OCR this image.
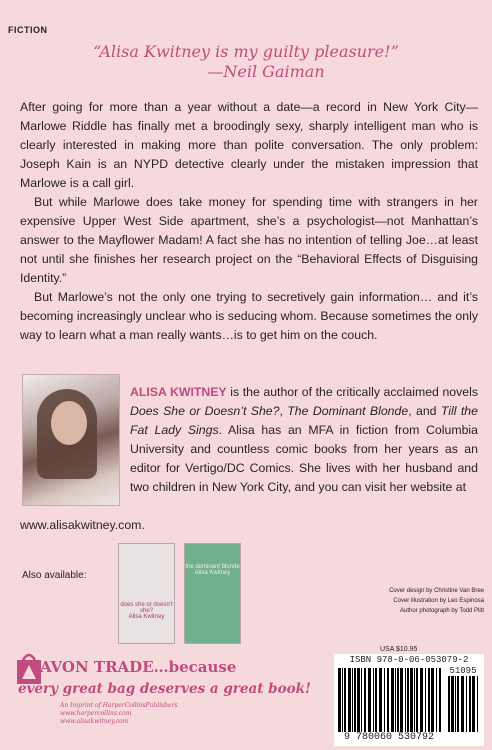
FICTION
“Alisa Kwitney is my guilty pleasure!”
—Neil Gaiman

After going for more than a year without a date—a record in New York City—Marlowe Riddle has finally met a broodingly sexy, sharply intelligent man who is clearly interested in making more than polite conversation. The only problem: Joseph Kain is an NYPD detective clearly under the mistaken impression that Marlowe is a call girl.

But while Marlowe does take money for spending time with strangers in her expensive Upper West Side apartment, she’s a psychologist—not Manhattan’s answer to the Mayflower Madam! A fact she has no intention of telling Joe…at least not until she finishes her research project on the “Behavioral Effects of Disguising Identity.”

But Marlowe’s not the only one trying to secretively gain information… and it’s becoming increasingly unclear who is seducing whom. Because sometimes the only way to learn what a man really wants…is to get him on the couch.

ALISA KWITNEY is the author of the critically acclaimed novels Does She or Doesn’t She?, The Dominant Blonde, and Till the Fat Lady Sings. Alisa has an MFA in fiction from Columbia University and countless comic books from her years as an editor for Vertigo/DC Comics. She lives with her husband and two children in New York City, and you can visit her website at
www.alisakwitney.com.
Also available:
does she or doesn’t she?
Alisa Kwitney
the dominant blonde
Alisa Kwitney
Cover design by Christine Van Bree
Cover illustration by Leo Espinosa
Author photograph by Todd Plitt
AVON TRADE…because
every great bag deserves a great book!
An Imprint of HarperCollinsPublishers
www.harpercollins.com
www.alisakwitney.com
USA $10.95
ISBN 978-0-06-053079-2
51095
9 780060 530792
